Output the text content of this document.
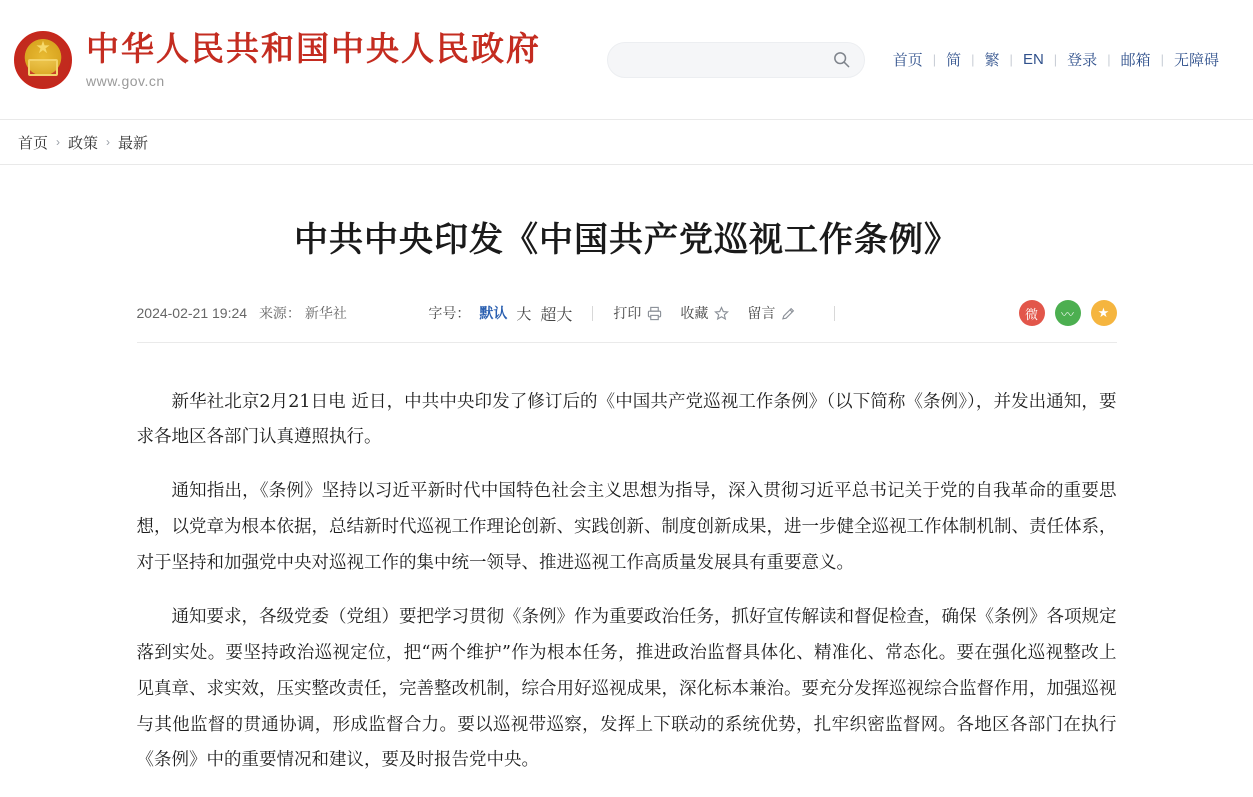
★
中华人民共和国中央人民政府
www.gov.cn
首页 | 简 | 繁 | EN | 登录 | 邮箱 | 无障碍
首页 › 政策 › 最新
中共中央印发《中国共产党巡视工作条例》
2024-02-21 19:24 来源： 新华社	字号： 默认 大 超大	打印	收藏	留言	微	〰	★

新华社北京2月21日电 近日，中共中央印发了修订后的《中国共产党巡视工作条例》（以下简称《条例》），并发出通知，要求各地区各部门认真遵照执行。

通知指出，《条例》坚持以习近平新时代中国特色社会主义思想为指导，深入贯彻习近平总书记关于党的自我革命的重要思想，以党章为根本依据，总结新时代巡视工作理论创新、实践创新、制度创新成果，进一步健全巡视工作体制机制、责任体系，对于坚持和加强党中央对巡视工作的集中统一领导、推进巡视工作高质量发展具有重要意义。

通知要求，各级党委（党组）要把学习贯彻《条例》作为重要政治任务，抓好宣传解读和督促检查，确保《条例》各项规定落到实处。要坚持政治巡视定位，把“两个维护”作为根本任务，推进政治监督具体化、精准化、常态化。要在强化巡视整改上见真章、求实效，压实整改责任，完善整改机制，综合用好巡视成果，深化标本兼治。要充分发挥巡视综合监督作用，加强巡视与其他监督的贯通协调，形成监督合力。要以巡视带巡察，发挥上下联动的系统优势，扎牢织密监督网。各地区各部门在执行《条例》中的重要情况和建议，要及时报告党中央。
